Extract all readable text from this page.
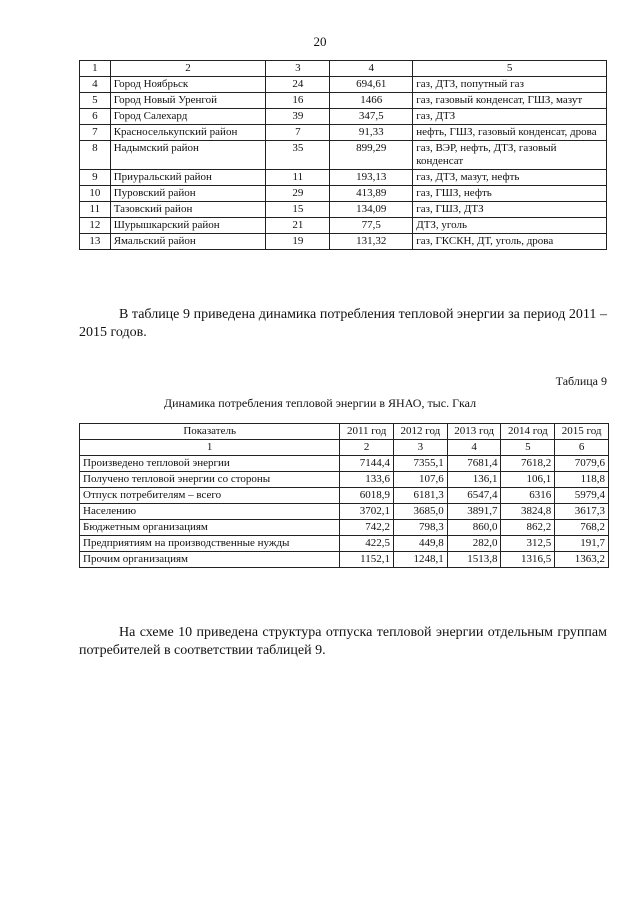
20
1	2	3	4	5
4	Город Ноябрьск	24	694,61	газ, ДТЗ, попутный газ
5	Город Новый Уренгой	16	1466	газ, газовый конденсат, ГШЗ, мазут
6	Город Салехард	39	347,5	газ, ДТЗ
7	Красноселькупский район	7	91,33	нефть, ГШЗ, газовый конденсат, дрова
8	Надымский район	35	899,29	газ, ВЭР, нефть, ДТЗ, газовый конденсат
9	Приуральский район	11	193,13	газ, ДТЗ, мазут, нефть
10	Пуровский район	29	413,89	газ, ГШЗ, нефть
11	Тазовский район	15	134,09	газ, ГШЗ, ДТЗ
12	Шурышкарский район	21	77,5	ДТЗ, уголь
13	Ямальский район	19	131,32	газ, ГКСКН, ДТ, уголь, дрова

В таблице 9 приведена динамика потребления тепловой энергии за период 2011 – 2015 годов.

Таблица 9
Динамика потребления тепловой энергии в ЯНАО, тыс. Гкал
Показатель	2011 год	2012 год	2013 год	2014 год	2015 год
1	2	3	4	5	6
Произведено тепловой энергии	7144,4	7355,1	7681,4	7618,2	7079,6
Получено тепловой энергии со стороны	133,6	107,6	136,1	106,1	118,8
Отпуск потребителям – всего	6018,9	6181,3	6547,4	6316	5979,4
Населению	3702,1	3685,0	3891,7	3824,8	3617,3
Бюджетным организациям	742,2	798,3	860,0	862,2	768,2
Предприятиям на производственные нужды	422,5	449,8	282,0	312,5	191,7
Прочим организациям	1152,1	1248,1	1513,8	1316,5	1363,2

На схеме 10 приведена структура отпуска тепловой энергии отдельным группам потребителей в соответствии таблицей 9.
